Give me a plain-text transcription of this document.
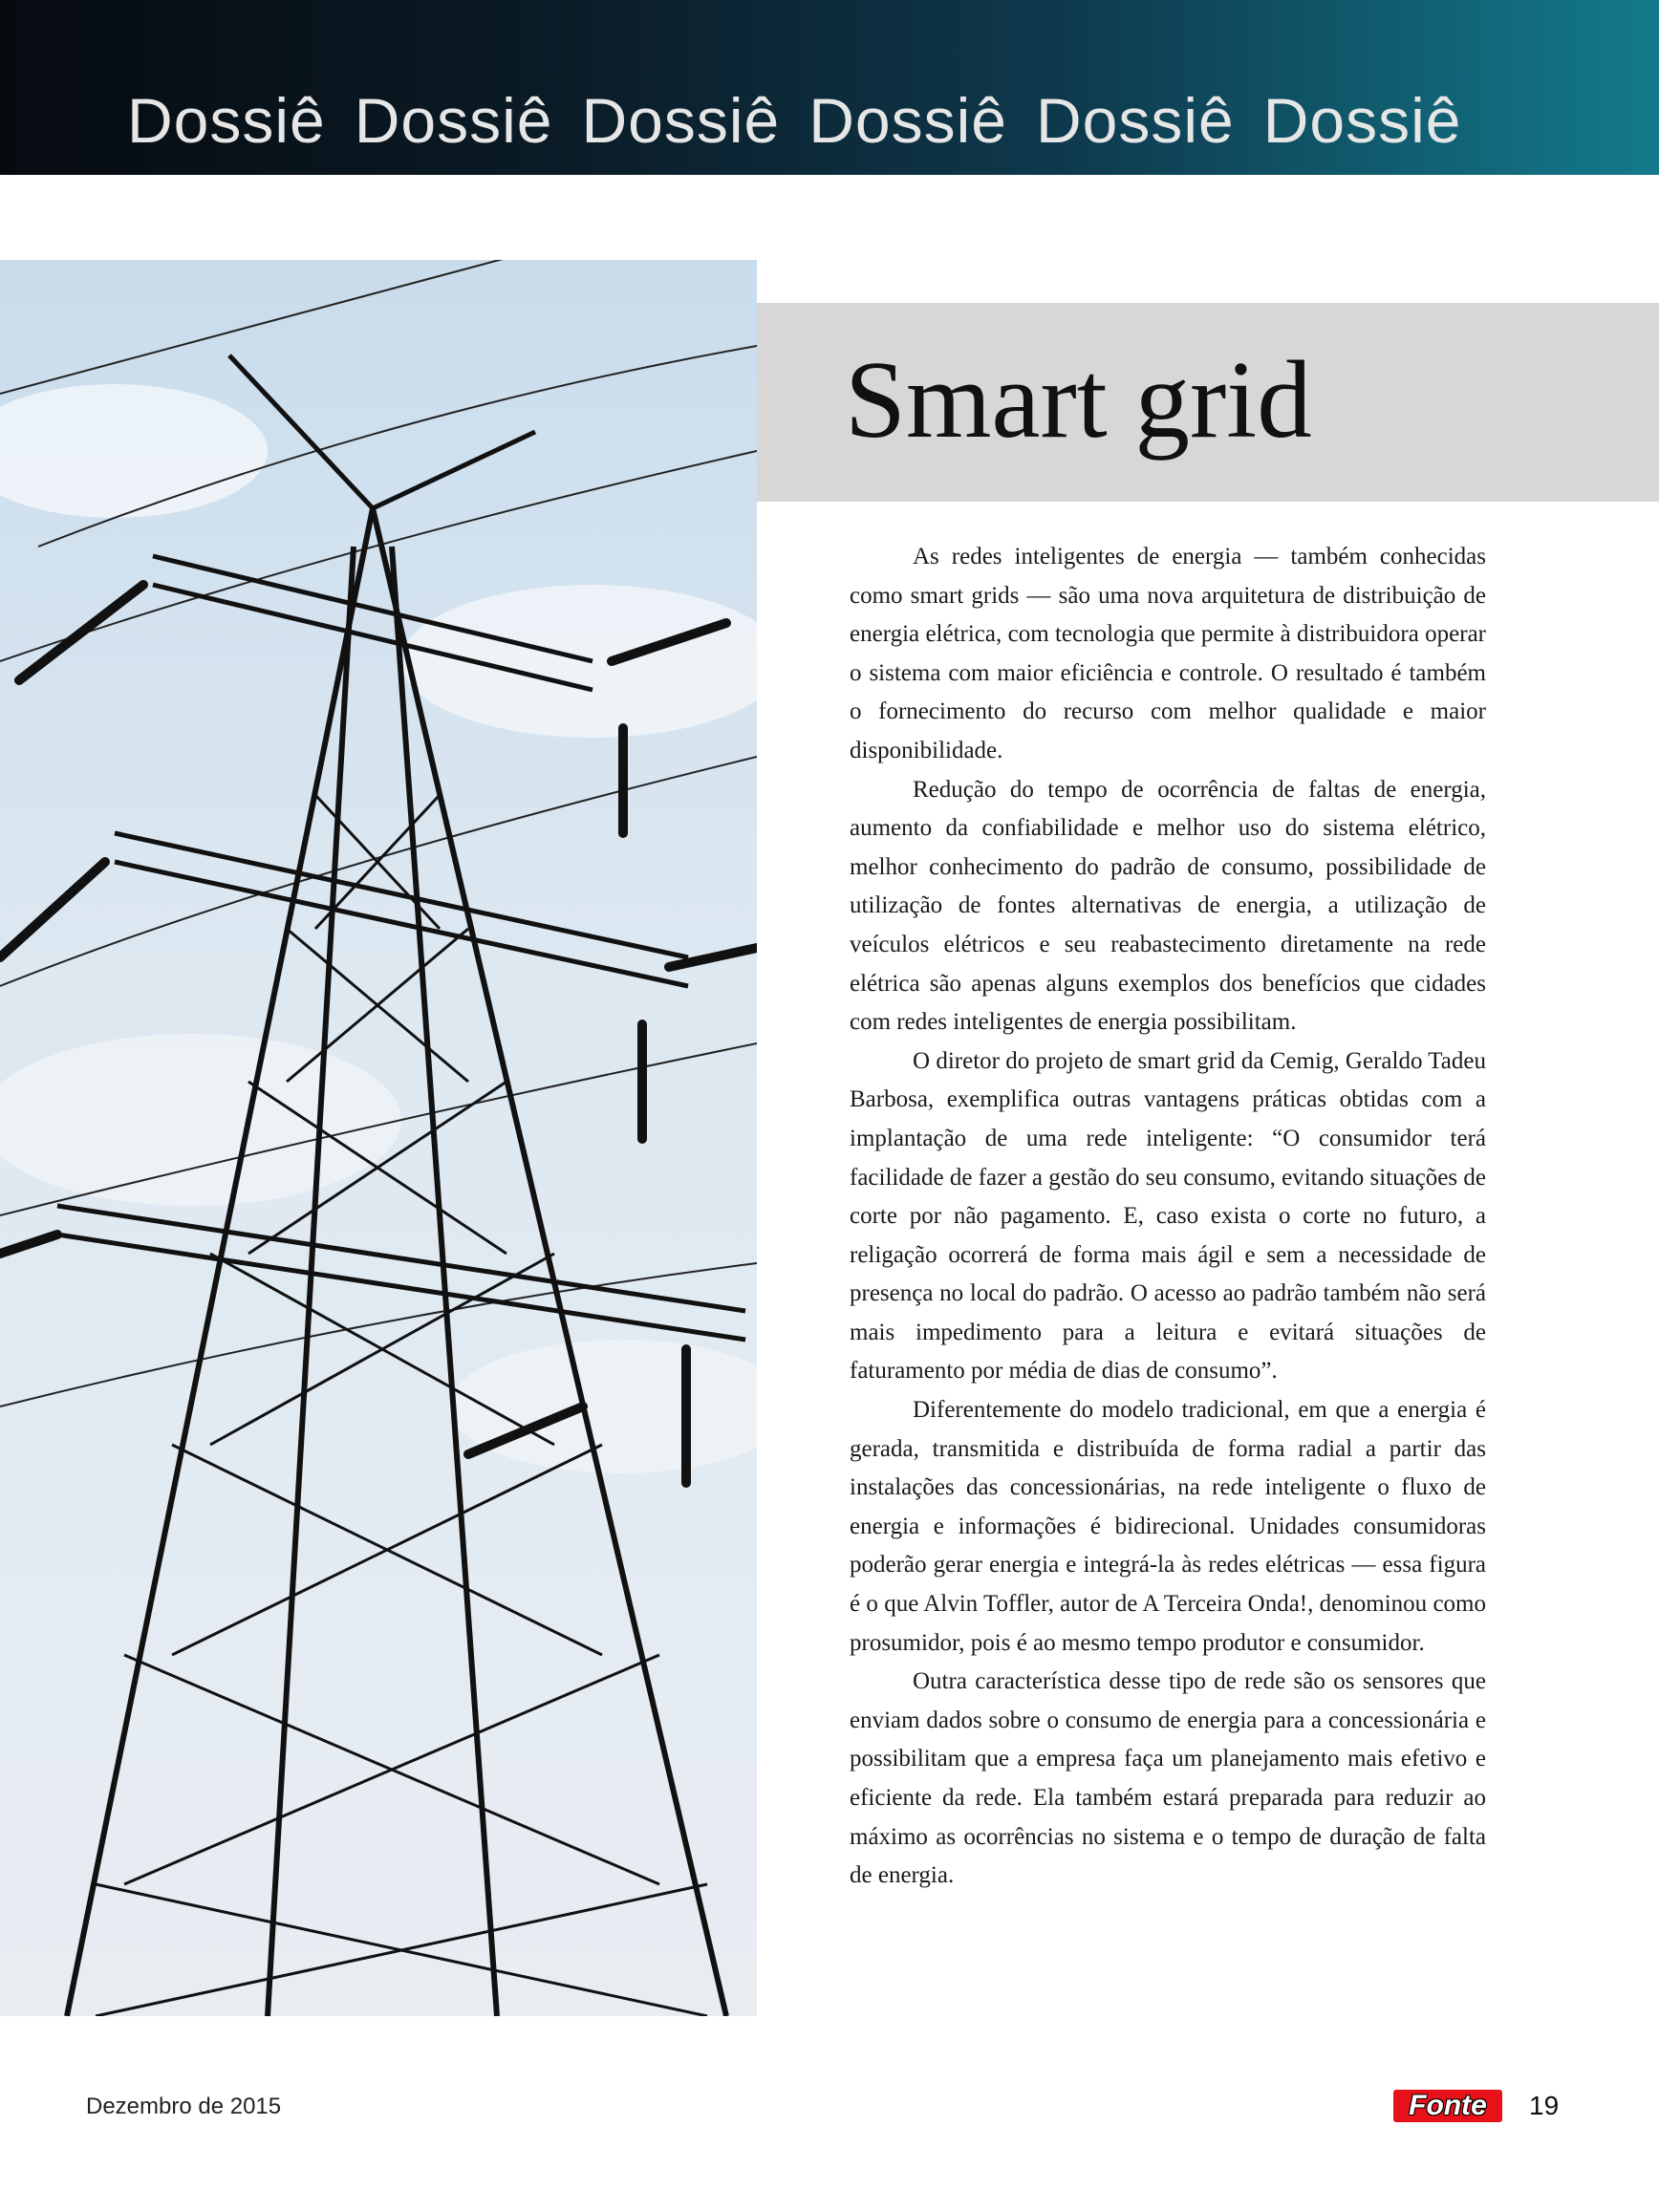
Dossiê Dossiê Dossiê Dossiê Dossiê Dossiê
Smart grid

As redes inteligentes de energia — também conhecidas como smart grids — são uma nova arquitetura de distribuição de energia elétrica, com tecnologia que permite à distribuidora operar o sistema com maior eficiência e controle. O resultado é também o fornecimento do recurso com melhor qualidade e maior disponibilidade.

Redução do tempo de ocorrência de faltas de energia, aumento da confiabilidade e melhor uso do sistema elétrico, melhor conhecimento do padrão de consumo, possibilidade de utilização de fontes alternativas de energia, a utilização de veículos elétricos e seu reabastecimento diretamente na rede elétrica são apenas alguns exemplos dos benefícios que cidades com redes inteligentes de energia possibilitam.

O diretor do projeto de smart grid da Cemig, Geraldo Tadeu Barbosa, exemplifica outras vantagens práticas obtidas com a implantação de uma rede inteligente: “O consumidor terá facilidade de fazer a gestão do seu consumo, evitando situações de corte por não pagamento. E, caso exista o corte no futuro, a religação ocorrerá de forma mais ágil e sem a necessidade de presença no local do padrão. O acesso ao padrão também não será mais impedimento para a leitura e evitará situações de faturamento por média de dias de consumo”.

Diferentemente do modelo tradicional, em que a energia é gerada, transmitida e distribuída de forma radial a partir das instalações das concessionárias, na rede inteligente o fluxo de energia e informações é bidirecional. Unidades consumidoras poderão gerar energia e integrá-la às redes elétricas — essa figura é o que Alvin Toffler, autor de A Terceira Onda!, denominou como prosumidor, pois é ao mesmo tempo produtor e consumidor.

Outra característica desse tipo de rede são os sensores que enviam dados sobre o consumo de energia para a concessionária e possibilitam que a empresa faça um planejamento mais efetivo e eficiente da rede. Ela também estará preparada para reduzir ao máximo as ocorrências no sistema e o tempo de duração de falta de energia.

Dezembro de 2015	Fonte	19
